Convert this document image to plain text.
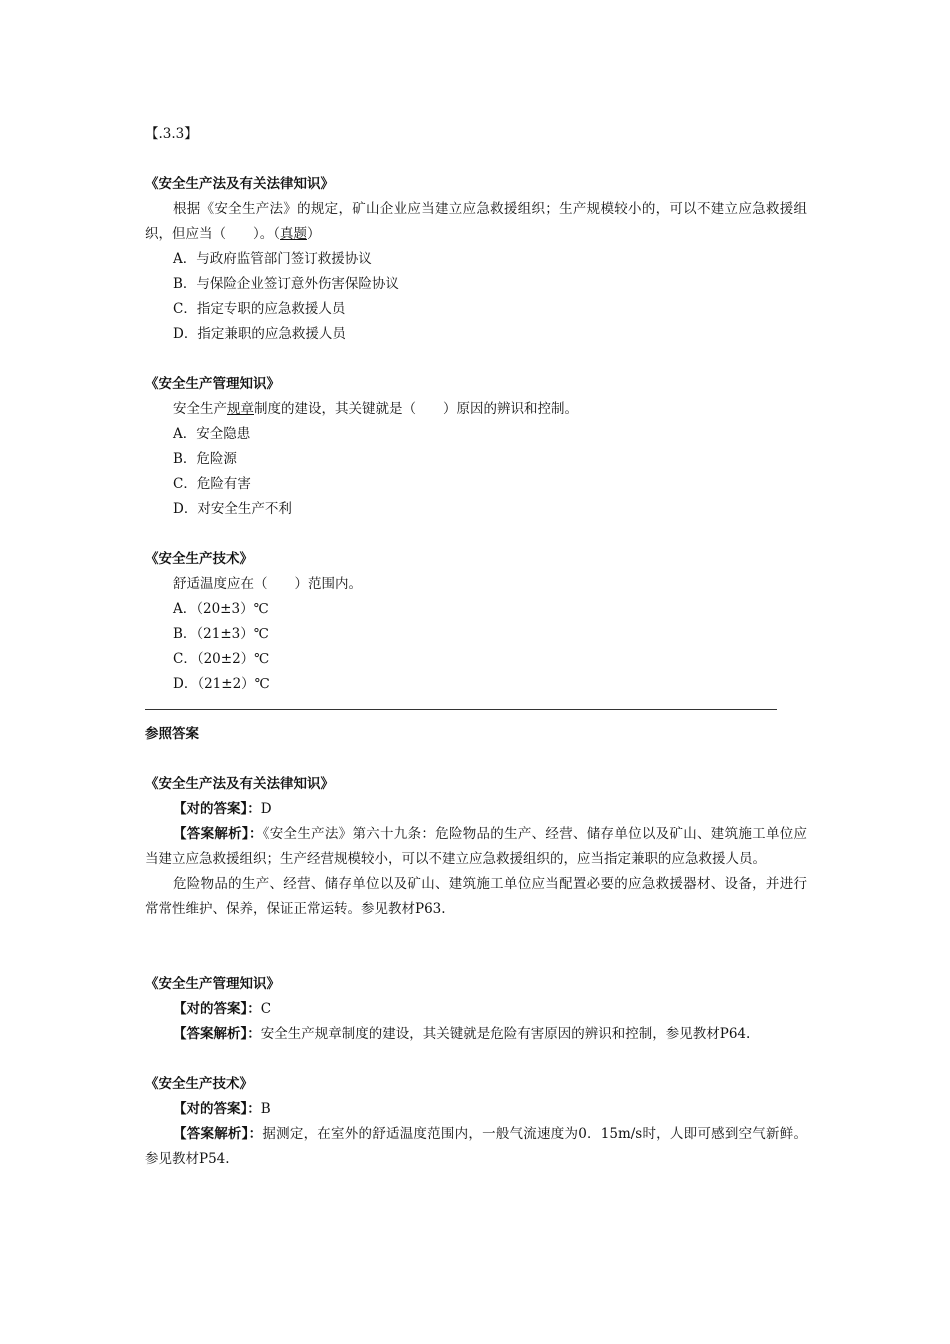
【.3.3】
《安全生产法及有关法律知识》
根据《安全生产法》的规定，矿山企业应当建立应急救援组织；生产规模较小的，可以不建立应急救援组织，但应当（　　）。（真题）
A．与政府监管部门签订救援协议
B．与保险企业签订意外伤害保险协议
C．指定专职的应急救援人员
D．指定兼职的应急救援人员
《安全生产管理知识》
安全生产规章制度的建设，其关键就是（　　）原因的辨识和控制。
A．安全隐患
B．危险源
C．危险有害
D．对安全生产不利
《安全生产技术》
舒适温度应在（　　）范围内。
A．（20±3）℃
B．（21±3）℃
C．（20±2）℃
D．（21±2）℃
参照答案
《安全生产法及有关法律知识》
【对的答案】：D
【答案解析】：《安全生产法》第六十九条：危险物品的生产、经营、储存单位以及矿山、建筑施工单位应当建立应急救援组织；生产经营规模较小，可以不建立应急救援组织的，应当指定兼职的应急救援人员。
危险物品的生产、经营、储存单位以及矿山、建筑施工单位应当配置必要的应急救援器材、设备，并进行常常性维护、保养，保证正常运转。参见教材P63.
《安全生产管理知识》
【对的答案】：C
【答案解析】：安全生产规章制度的建设，其关键就是危险有害原因的辨识和控制，参见教材P64.
《安全生产技术》
【对的答案】：B
【答案解析】：据测定，在室外的舒适温度范围内，一般气流速度为0．15m/s时，人即可感到空气新鲜。参见教材P54.
